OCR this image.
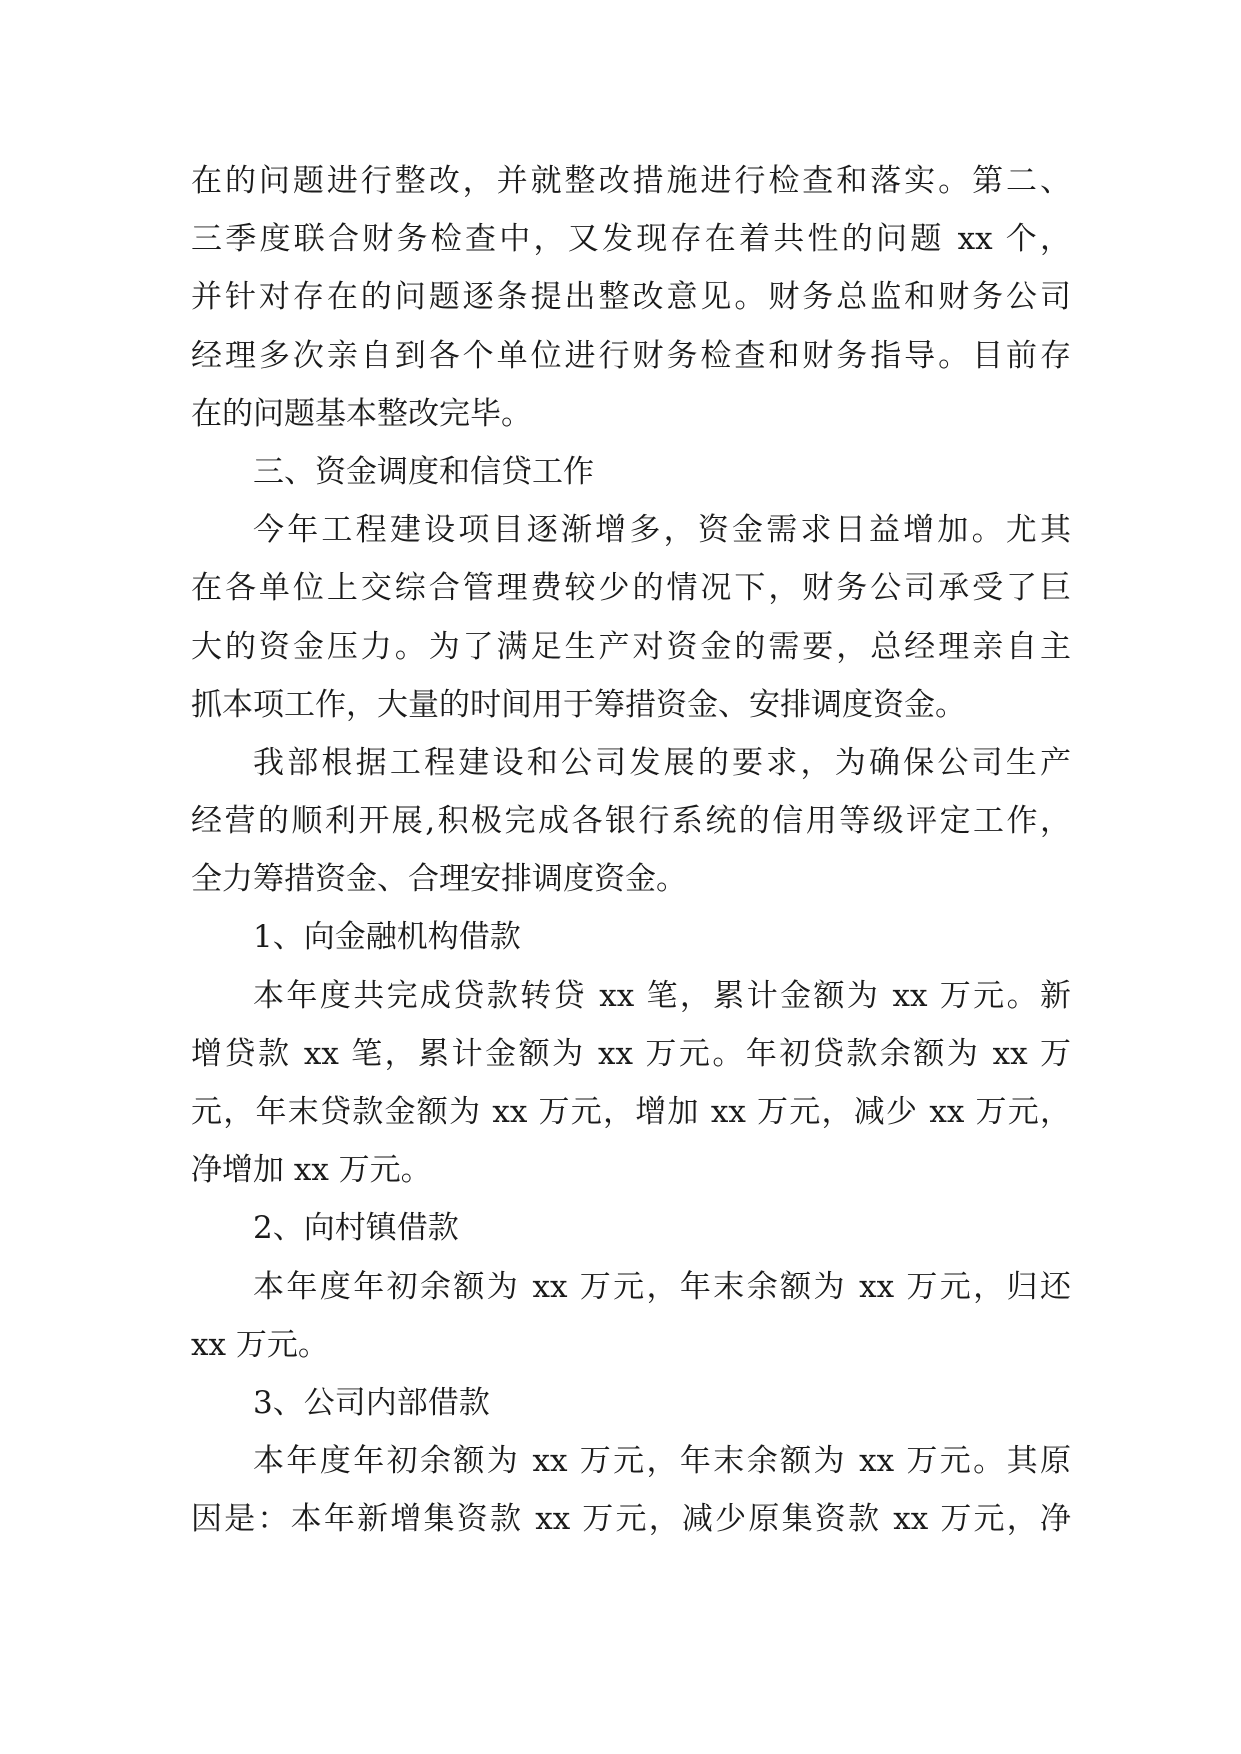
在的问题进行整改，并就整改措施进行检查和落实。第二、
三季度联合财务检查中，又发现存在着共性的问题 xx 个，
并针对存在的问题逐条提出整改意见。财务总监和财务公司
经理多次亲自到各个单位进行财务检查和财务指导。目前存
在的问题基本整改完毕。
三、资金调度和信贷工作
今年工程建设项目逐渐增多，资金需求日益增加。尤其
在各单位上交综合管理费较少的情况下，财务公司承受了巨
大的资金压力。为了满足生产对资金的需要，总经理亲自主
抓本项工作，大量的时间用于筹措资金、安排调度资金。
我部根据工程建设和公司发展的要求，为确保公司生产
经营的顺利开展,积极完成各银行系统的信用等级评定工作，
全力筹措资金、合理安排调度资金。
1、向金融机构借款
本年度共完成贷款转贷 xx 笔，累计金额为 xx 万元。新
增贷款 xx 笔，累计金额为 xx 万元。年初贷款余额为 xx 万
元，年末贷款金额为 xx 万元，增加 xx 万元，减少 xx 万元，
净增加 xx 万元。
2、向村镇借款
本年度年初余额为 xx 万元，年末余额为 xx 万元，归还
xx 万元。
3、公司内部借款
本年度年初余额为 xx 万元，年末余额为 xx 万元。其原
因是：本年新增集资款 xx 万元，减少原集资款 xx 万元，净
